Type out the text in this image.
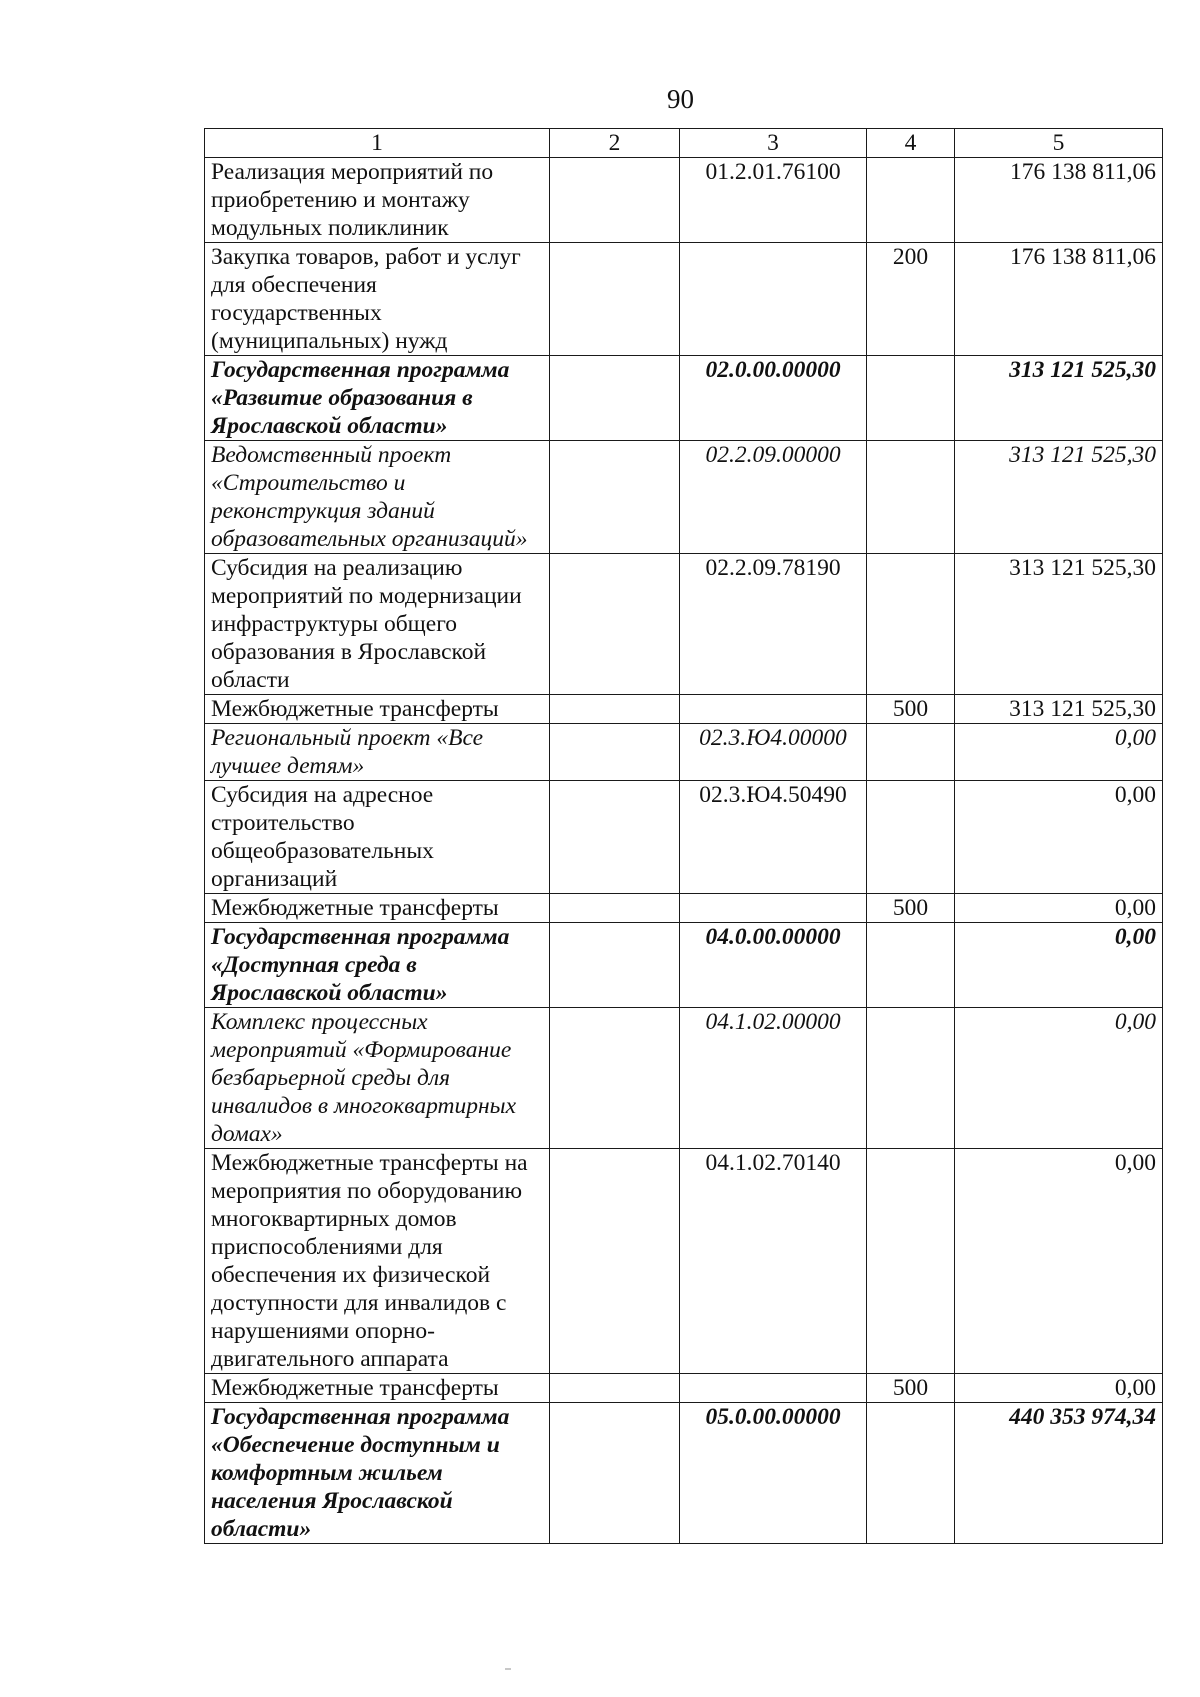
90
1	2	3	4	5
Реализация мероприятий по приобретению и монтажу модульных поликлиник		01.2.01.76100		176 138 811,06
Закупка товаров, работ и услуг для обеспечения государственных (муниципальных) нужд			200	176 138 811,06
Государственная программа «Развитие образования в Ярославской области»		02.0.00.00000		313 121 525,30
Ведомственный проект «Строительство и реконструкция зданий образовательных организаций»		02.2.09.00000		313 121 525,30
Субсидия на реализацию мероприятий по модернизации инфраструктуры общего образования в Ярославской области		02.2.09.78190		313 121 525,30
Межбюджетные трансферты			500	313 121 525,30
Региональный проект «Все лучшее детям»		02.3.Ю4.00000		0,00
Субсидия на адресное строительство общеобразовательных организаций		02.3.Ю4.50490		0,00
Межбюджетные трансферты			500	0,00
Государственная программа «Доступная среда в Ярославской области»		04.0.00.00000		0,00
Комплекс процессных мероприятий «Формирование безбарьерной среды для инвалидов в многоквартирных домах»		04.1.02.00000		0,00
Межбюджетные трансферты на мероприятия по оборудованию многоквартирных домов приспособлениями для обеспечения их физической доступности для инвалидов с нарушениями опорно-двигательного аппарата		04.1.02.70140		0,00
Межбюджетные трансферты			500	0,00
Государственная программа «Обеспечение доступным и комфортным жильем населения Ярославской области»		05.0.00.00000		440 353 974,34
